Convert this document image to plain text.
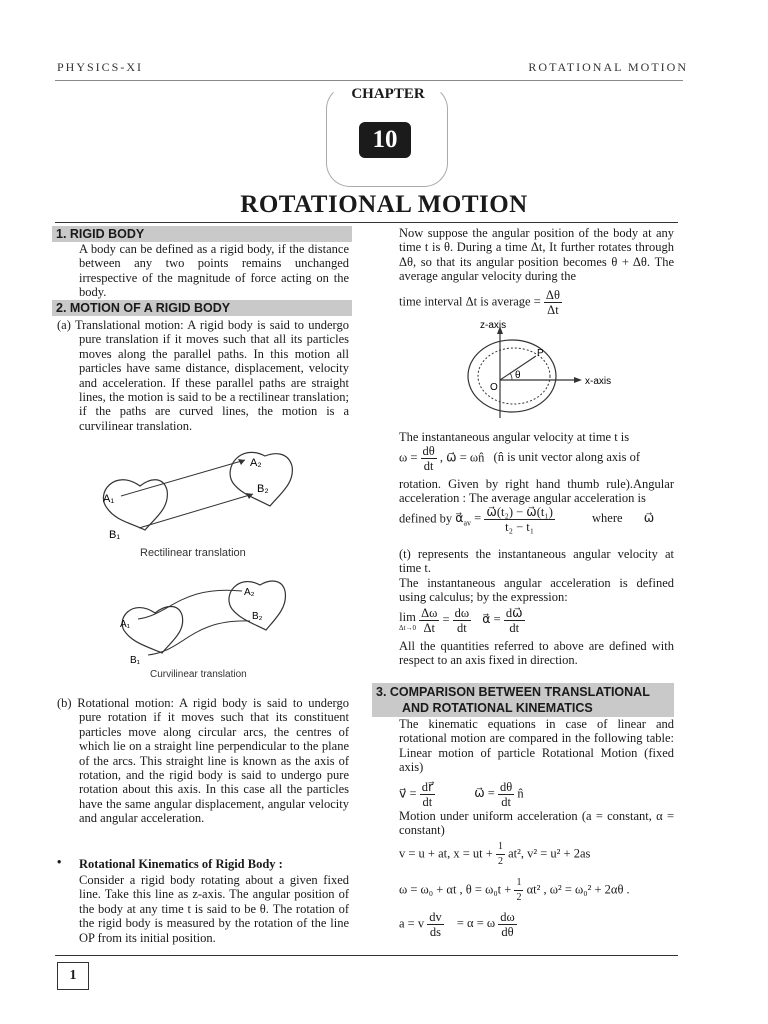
PHYSICS-XI	ROTATIONAL MOTION
CHAPTER
10
ROTATIONAL MOTION
1. RIGID BODY
A body can be defined as a rigid body, if the distance between any two points remains unchanged irrespective of the magnitude of force acting on the body.
2. MOTION OF A RIGID BODY
(a) Translational motion: A rigid body is said to undergo pure translation if it moves such that all its particles moves along the parallel paths. In this motion all particles have same distance, displacement, velocity and acceleration. If these parallel paths are straight lines, the motion is said to be a rectilinear translation; if the paths are curved lines, the motion is a curvilinear translation.
A₁
B₁
A₂
B₂
Rectilinear translation
A₁
B₁
A₂
B₂
Curvilinear translation
(b) Rotational motion: A rigid body is said to undergo pure rotation if it moves such that its constituent particles move along circular arcs, the centres of which lie on a straight line perpendicular to the plane of the arcs. This straight line is known as the axis of rotation, and the rigid body is said to undergo pure rotation about this axis. In this case all the particles have the same angular displacement, angular velocity and angular acceleration.
• Rotational Kinematics of Rigid Body :
Consider a rigid body rotating about a given fixed line. Take this line as z-axis. The angular position of the body at any time t is said to be θ. The rotation of the rigid body is measured by the rotation of the line OP from its initial position.
Now suppose the angular position of the body at any time t is θ. During a time Δt, It further rotates through Δθ, so that its angular position becomes θ + Δθ. The average angular velocity during the
time interval Δt is average = $\frac{\Delta\theta}{\Delta t}$
z-axis
x-axis
O
P
θ
The instantaneous angular velocity at time t is
$\omega = \frac{d\theta}{dt}$ , ω⃗ = ωn̂ (n̂ is unit vector along axis of
rotation. Given by right hand thumb rule).Angular acceleration : The average angular acceleration is
defined by $\alpha⃗_{av} = \frac{\text{ω⃗(t₂) − ω⃗(t₁)}}{\text{t₂ − t₁}}$	where ω⃗
(t) represents the instantaneous angular velocity at time t.
The instantaneous angular acceleration is defined using calculus; by the expression:
lim
Δt→0
$\frac{\Delta\omega}{\Delta t} = \frac{d\omega}{dt}$ α⃗ = $\frac{d\omega⃗}{dt}$
All the quantities referred to above are defined with respect to an axis fixed in direction.
3. COMPARISON BETWEEN TRANSLATIONAL
AND ROTATIONAL KINEMATICS
The kinematic equations in case of linear and rotational motion are compared in the following table: Linear motion of particle Rotational Motion (fixed axis)
v⃗ = $\frac{dr⃗}{dt}$	ω⃗ = $\frac{d\theta}{dt}$ n̂
Motion under uniform acceleration (a = constant, α = constant)
v = u + at, x = ut + $\frac{1}{2} at^2$, v² = u² + 2as
ω = ω₀ + αt , $\theta = \omega_0t + \frac{1}{2} \alpha t^2$ , ω² = ω₀² + 2αθ .
a = v $\frac{dv}{ds} = \alpha = \omega \frac{d\omega}{d\theta}$
1
